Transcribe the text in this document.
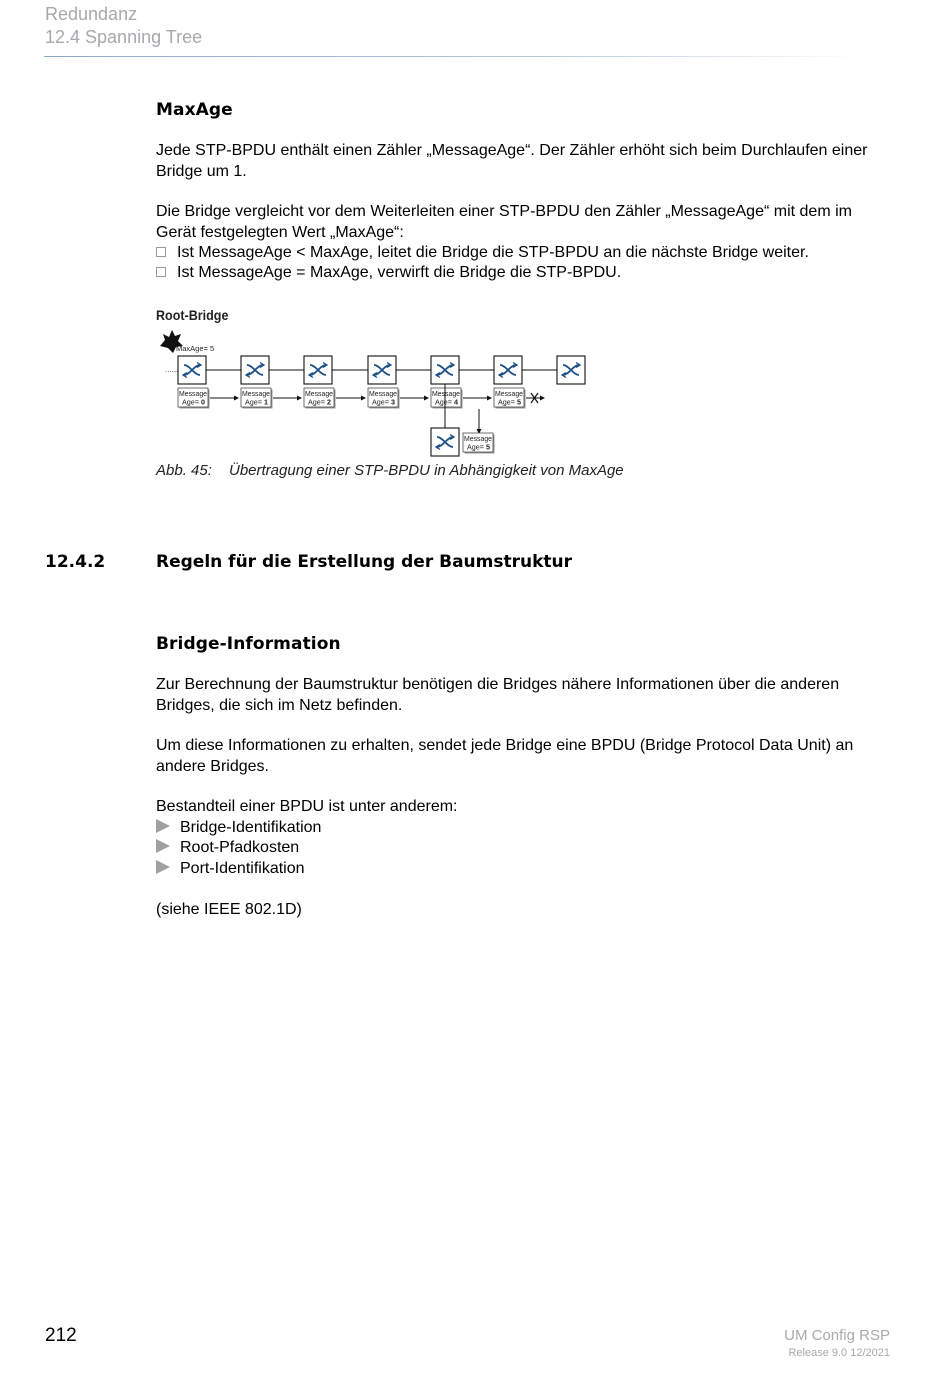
Redundanz
12.4 Spanning Tree
MaxAge

Jede STP-BPDU enthält einen Zähler „MessageAge“. Der Zähler erhöht sich beim Durchlaufen einer Bridge um 1.

Die Bridge vergleicht vor dem Weiterleiten einer STP-BPDU den Zähler „MessageAge“ mit dem im Gerät festgelegten Wert „MaxAge“:

Ist MessageAge < MaxAge, leitet die Bridge die STP-BPDU an die nächste Bridge weiter.
Ist MessageAge = MaxAge, verwirft die Bridge die STP-BPDU.
Root-Bridge
MaxAge= 5
......
Message
Age= 0
Message
Age= 1
Message
Age= 2
Message
Age= 3
Message
Age= 4
Message
Age= 5
Message
Age= 5
Abb. 45: Übertragung einer STP-BPDU in Abhängigkeit von MaxAge
12.4.2	Regeln für die Erstellung der Baumstruktur
Bridge-Information

Zur Berechnung der Baumstruktur benötigen die Bridges nähere Informationen über die anderen Bridges, die sich im Netz befinden.

Um diese Informationen zu erhalten, sendet jede Bridge eine BPDU (Bridge Protocol Data Unit) an andere Bridges.

Bestandteil einer BPDU ist unter anderem:

Bridge-Identifikation
Root-Pfadkosten
Port-Identifikation

(siehe IEEE 802.1D)

212	UM Config RSP
Release 9.0 12/2021
